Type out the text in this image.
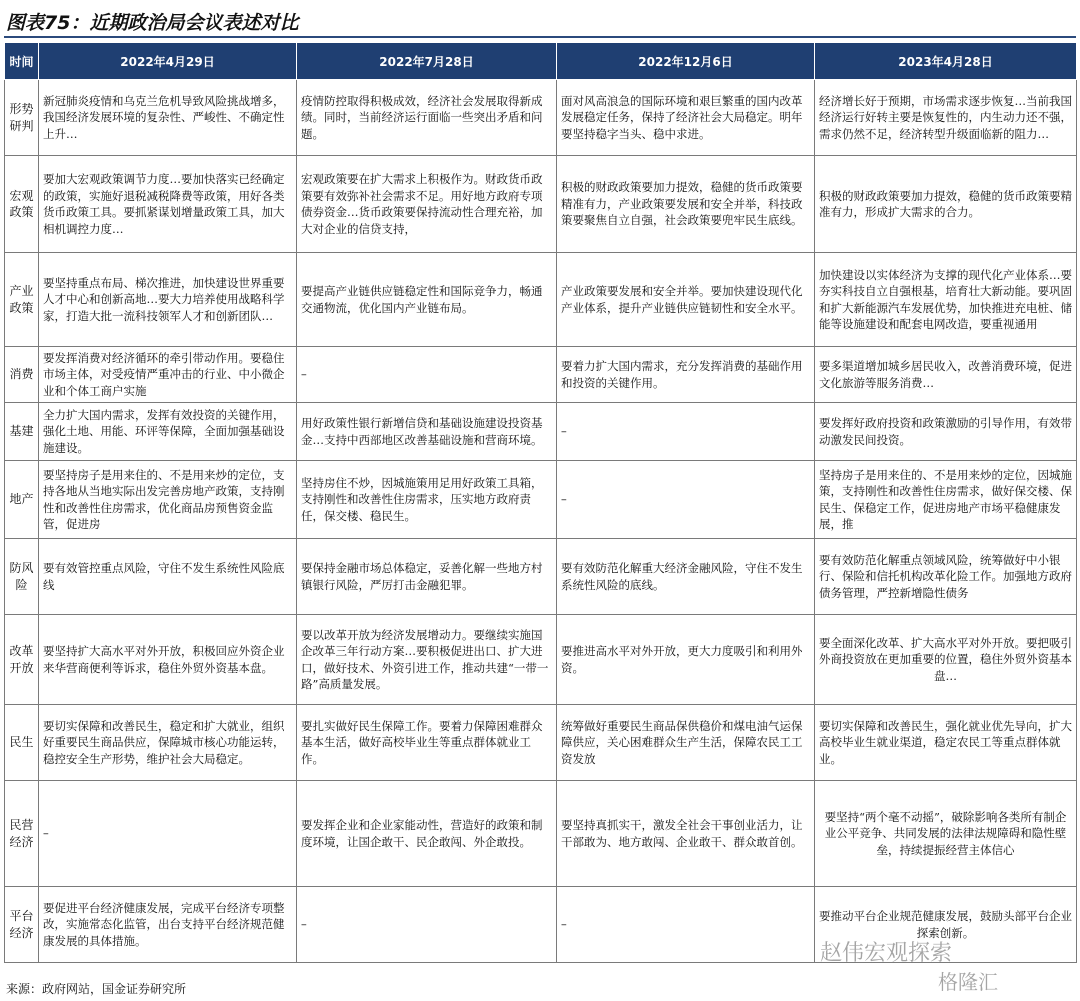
图表75：近期政治局会议表述对比
时间	2022年4月29日	2022年7月28日	2022年12月6日	2023年4月28日
形势研判	新冠肺炎疫情和乌克兰危机导致风险挑战增多，我国经济发展环境的复杂性、严峻性、不确定性上升…	疫情防控取得积极成效，经济社会发展取得新成绩。同时，当前经济运行面临一些突出矛盾和问题。	面对风高浪急的国际环境和艰巨繁重的国内改革发展稳定任务，保持了经济社会大局稳定。明年要坚持稳字当头、稳中求进。	经济增长好于预期，市场需求逐步恢复…当前我国经济运行好转主要是恢复性的，内生动力还不强，需求仍然不足，经济转型升级面临新的阻力…
宏观政策	要加大宏观政策调节力度…要加快落实已经确定的政策，实施好退税减税降费等政策，用好各类货币政策工具。要抓紧谋划增量政策工具，加大相机调控力度…	宏观政策要在扩大需求上积极作为。财政货币政策要有效弥补社会需求不足。用好地方政府专项债券资金…货币政策要保持流动性合理充裕，加大对企业的信贷支持，	积极的财政政策要加力提效，稳健的货币政策要精准有力，产业政策要发展和安全并举，科技政策要聚焦自立自强，社会政策要兜牢民生底线。	积极的财政政策要加力提效，稳健的货币政策要精准有力，形成扩大需求的合力。
产业政策	要坚持重点布局、梯次推进，加快建设世界重要人才中心和创新高地…要大力培养使用战略科学家，打造大批一流科技领军人才和创新团队…	要提高产业链供应链稳定性和国际竞争力，畅通交通物流，优化国内产业链布局。	产业政策要发展和安全并举。要加快建设现代化产业体系，提升产业链供应链韧性和安全水平。	加快建设以实体经济为支撑的现代化产业体系…要夯实科技自立自强根基，培育壮大新动能。要巩固和扩大新能源汽车发展优势，加快推进充电桩、储能等设施建设和配套电网改造，要重视通用
消费	要发挥消费对经济循环的牵引带动作用。要稳住市场主体，对受疫情严重冲击的行业、中小微企业和个体工商户实施	–	要着力扩大国内需求，充分发挥消费的基础作用和投资的关键作用。	要多渠道增加城乡居民收入，改善消费环境，促进文化旅游等服务消费…
基建	全力扩大国内需求，发挥有效投资的关键作用，强化土地、用能、环评等保障，全面加强基础设施建设。	用好政策性银行新增信贷和基础设施建设投资基金…支持中西部地区改善基础设施和营商环境。	–	要发挥好政府投资和政策激励的引导作用，有效带动激发民间投资。
地产	要坚持房子是用来住的、不是用来炒的定位，支持各地从当地实际出发完善房地产政策，支持刚性和改善性住房需求，优化商品房预售资金监管，促进房	坚持房住不炒，因城施策用足用好政策工具箱，支持刚性和改善性住房需求，压实地方政府责任，保交楼、稳民生。	–	坚持房子是用来住的、不是用来炒的定位，因城施策，支持刚性和改善性住房需求，做好保交楼、保民生、保稳定工作，促进房地产市场平稳健康发展，推
防风险	要有效管控重点风险，守住不发生系统性风险底线	要保持金融市场总体稳定，妥善化解一些地方村镇银行风险，严厉打击金融犯罪。	要有效防范化解重大经济金融风险，守住不发生系统性风险的底线。	要有效防范化解重点领域风险，统筹做好中小银行、保险和信托机构改革化险工作。加强地方政府债务管理，严控新增隐性债务
改革开放	要坚持扩大高水平对外开放，积极回应外资企业来华营商便利等诉求，稳住外贸外资基本盘。	要以改革开放为经济发展增动力。要继续实施国企改革三年行动方案…要积极促进出口、扩大进口，做好技术、外资引进工作，推动共建“一带一路”高质量发展。	要推进高水平对外开放，更大力度吸引和利用外资。	要全面深化改革、扩大高水平对外开放。要把吸引外商投资放在更加重要的位置，稳住外贸外资基本盘…
民生	要切实保障和改善民生，稳定和扩大就业，组织好重要民生商品供应，保障城市核心功能运转，稳控安全生产形势，维护社会大局稳定。	要扎实做好民生保障工作。要着力保障困难群众基本生活，做好高校毕业生等重点群体就业工作。	统筹做好重要民生商品保供稳价和煤电油气运保障供应，关心困难群众生产生活，保障农民工工资发放	要切实保障和改善民生，强化就业优先导向，扩大高校毕业生就业渠道，稳定农民工等重点群体就业。
民营经济	–	要发挥企业和企业家能动性，营造好的政策和制度环境，让国企敢干、民企敢闯、外企敢投。	要坚持真抓实干，激发全社会干事创业活力，让干部敢为、地方敢闯、企业敢干、群众敢首创。	要坚持“两个毫不动摇”，破除影响各类所有制企业公平竞争、共同发展的法律法规障碍和隐性壁垒，持续提振经营主体信心
平台经济	要促进平台经济健康发展，完成平台经济专项整改，实施常态化监管，出台支持平台经济规范健康发展的具体措施。	–	–	要推动平台企业规范健康发展，鼓励头部平台企业探索创新。
来源：政府网站，国金证券研究所
赵伟宏观探索
格隆汇
